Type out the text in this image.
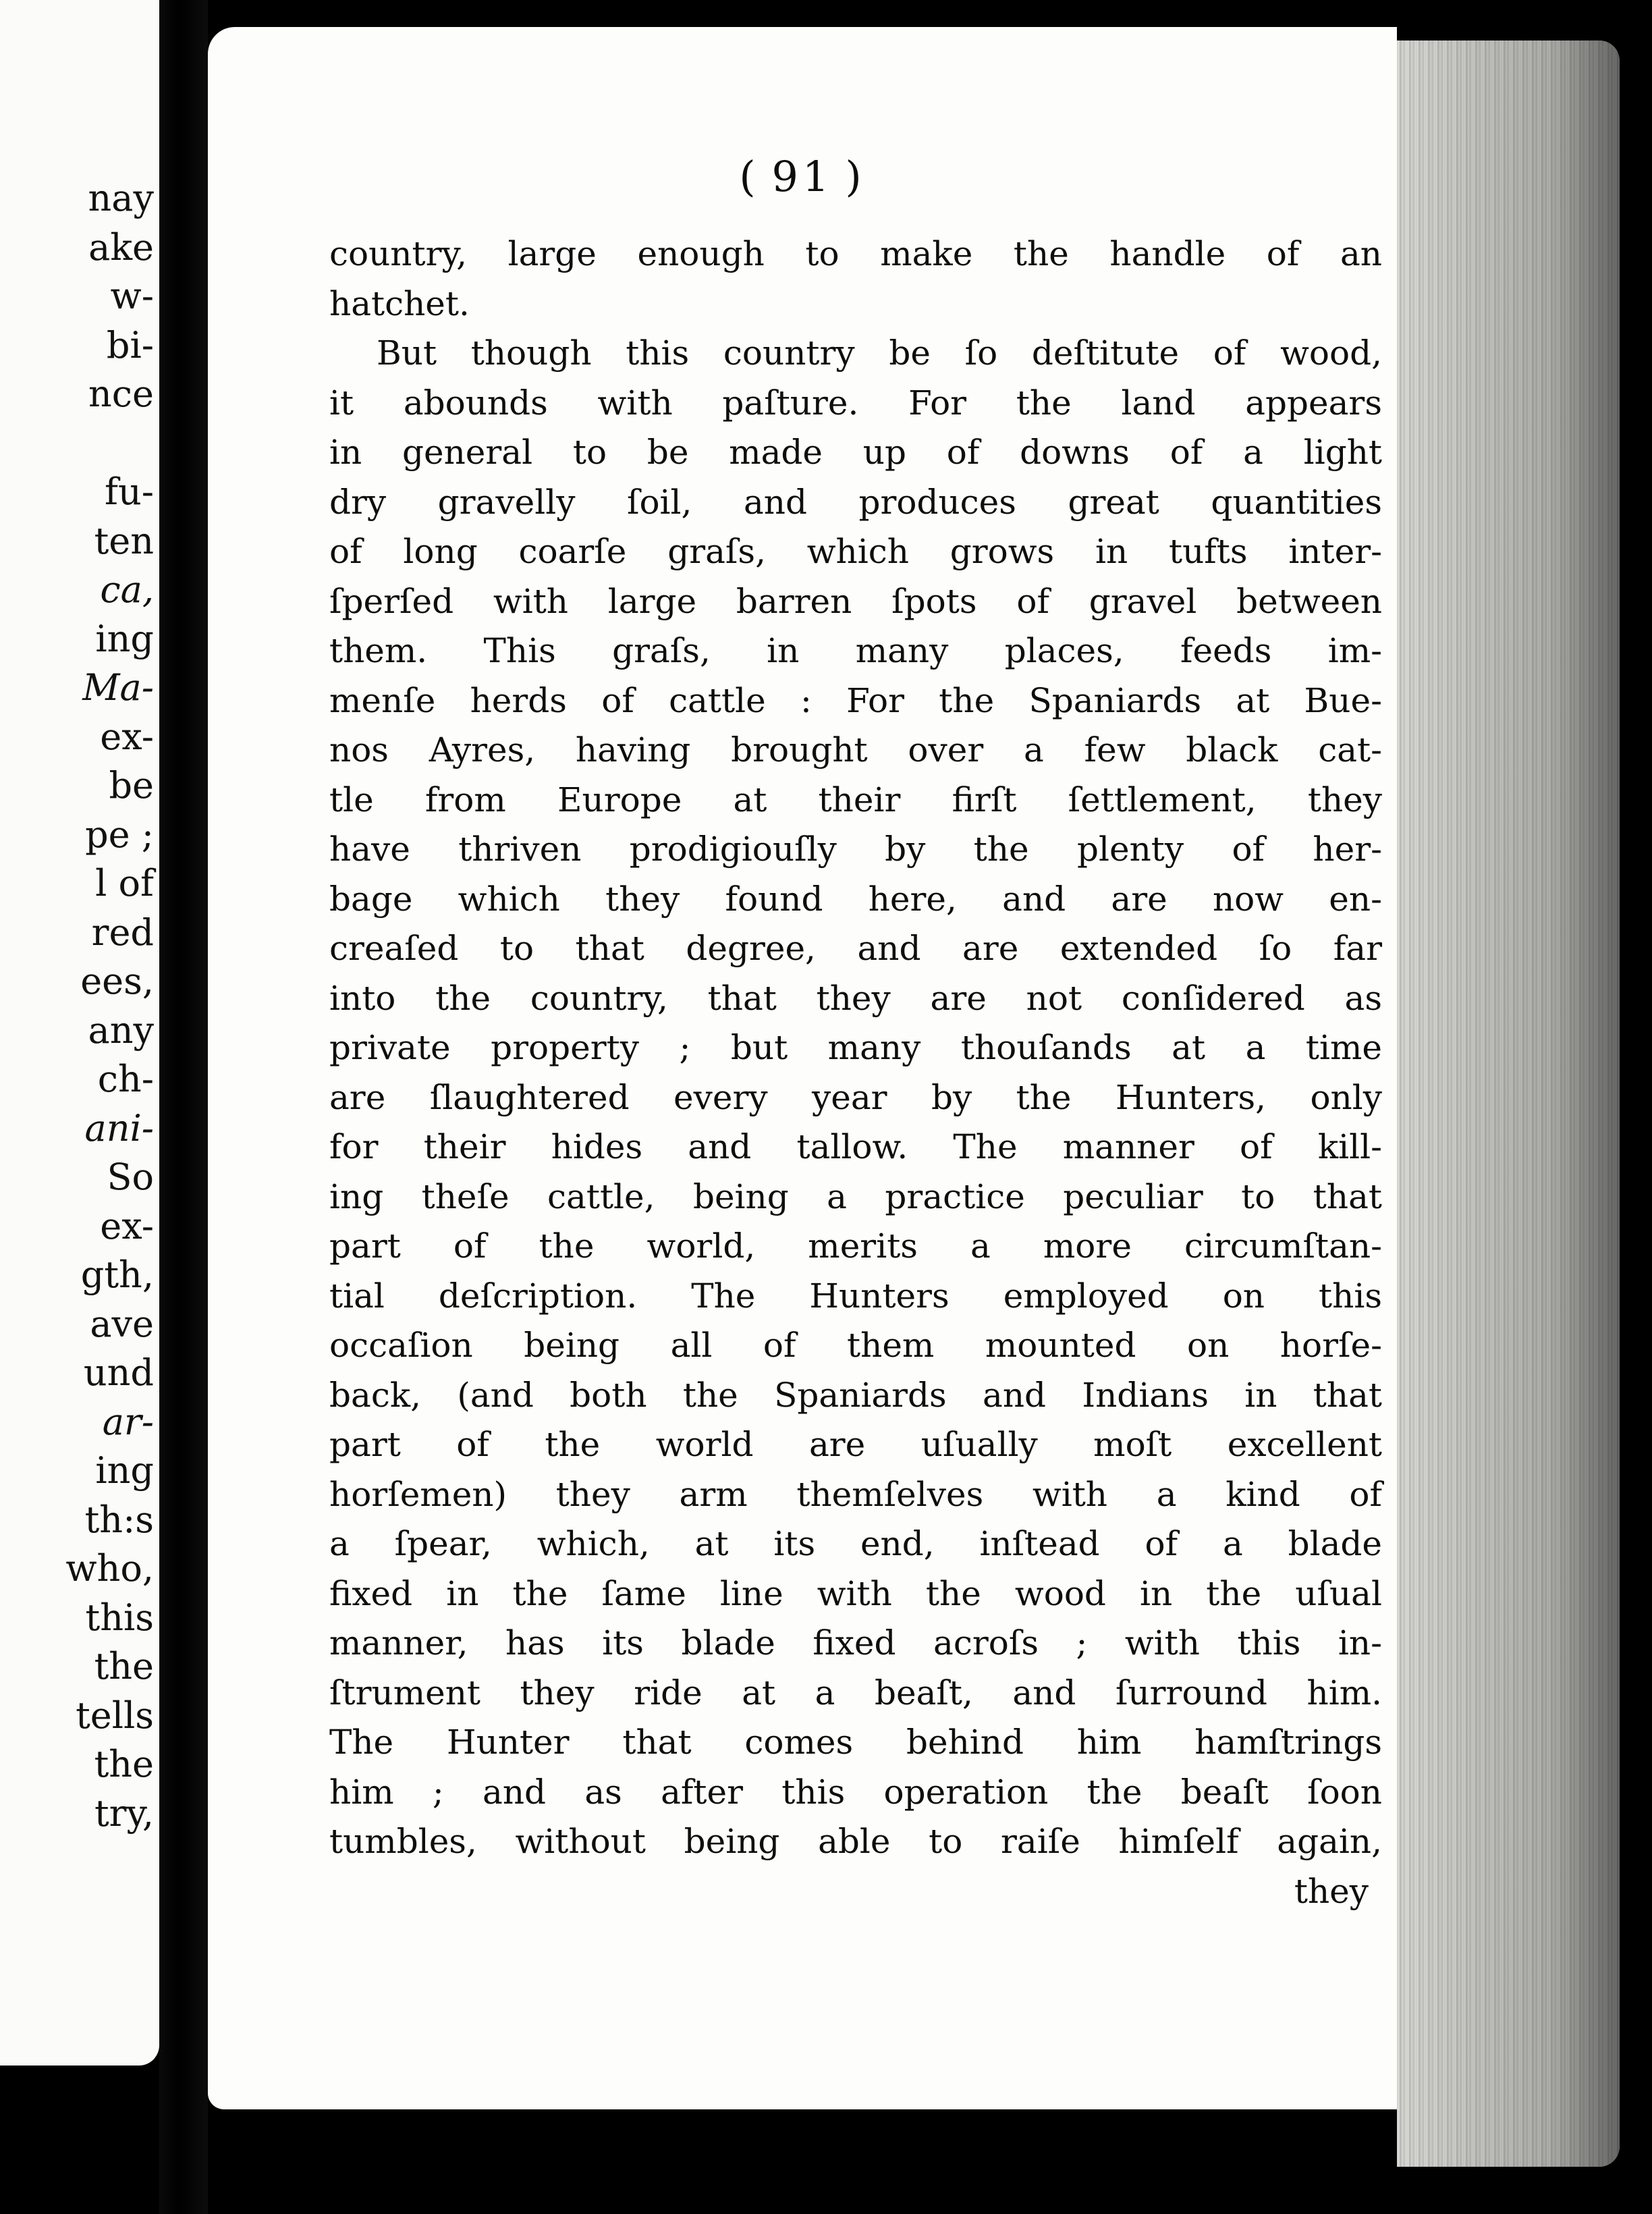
nay
ake
w-
bi-
nce

fu-
ten
ca,
ing
Ma-
ex-
be
pe ;
l of
red
ees,
any
ch-
ani-
So
ex-
gth,
ave
und
ar-
ing
th:s
who,
this
the
tells
the
try,

( 91 )

country, large enough to make the handle of an
hatchet.
But though this country be ſo deſtitute of wood,
it abounds with paſture. For the land appears
in general to be made up of downs of a light
dry gravelly ſoil, and produces great quantities
of long coarſe graſs, which grows in tufts inter-
ſperſed with large barren ſpots of gravel between
them. This graſs, in many places, feeds im-
menſe herds of cattle : For the Spaniards at Bue-
nos Ayres, having brought over a few black cat-
tle from Europe at their firſt ſettlement, they
have thriven prodigiouſly by the plenty of her-
bage which they found here, and are now en-
creaſed to that degree, and are extended ſo far
into the country, that they are not conſidered as
private property ; but many thouſands at a time
are ſlaughtered every year by the Hunters, only
for their hides and tallow. The manner of kill-
ing theſe cattle, being a practice peculiar to that
part of the world, merits a more circumſtan-
tial deſcription. The Hunters employed on this
occaſion being all of them mounted on horſe-
back, (and both the Spaniards and Indians in that
part of the world are uſually moſt excellent
horſemen) they arm themſelves with a kind of
a ſpear, which, at its end, inſtead of a blade
fixed in the ſame line with the wood in the uſual
manner, has its blade fixed acroſs ; with this in-
ſtrument they ride at a beaſt, and ſurround him.
The Hunter that comes behind him hamſtrings
him ; and as after this operation the beaſt ſoon
tumbles, without being able to raiſe himſelf again,
they
